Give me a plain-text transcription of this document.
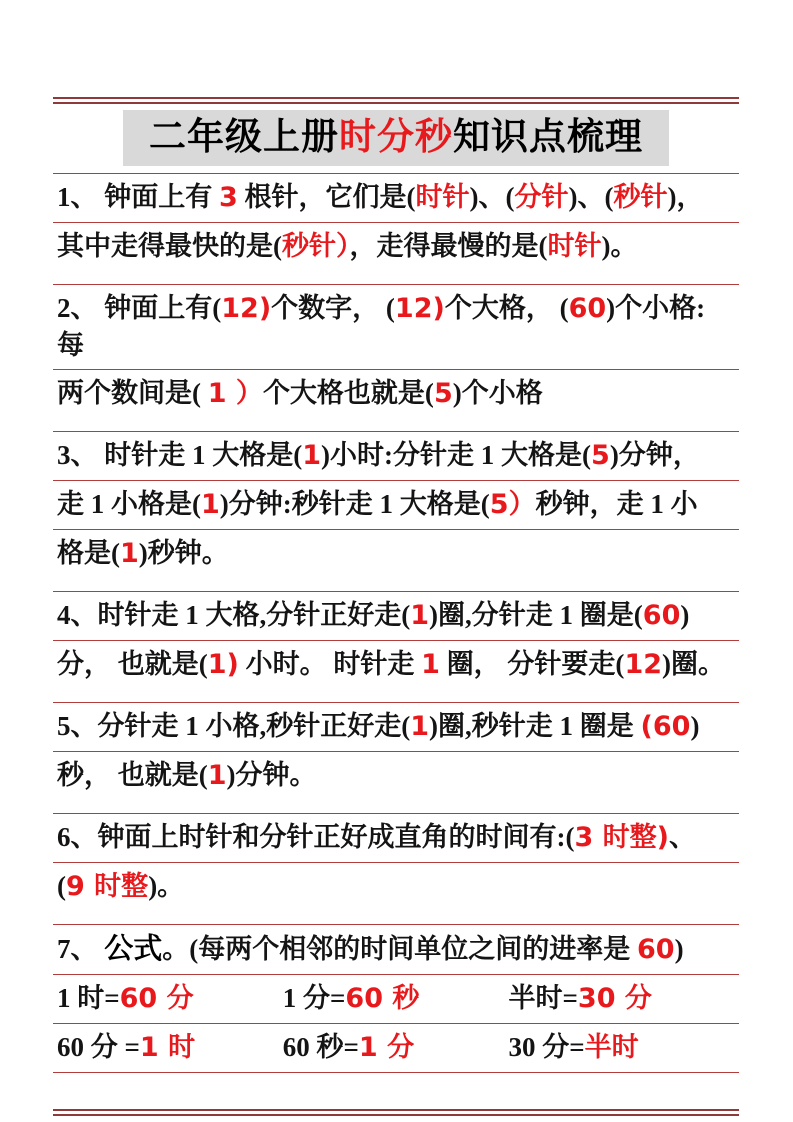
二年级上册时分秒知识点梳理
1、 钟面上有 3 根针，它们是(时针)、(分针)、(秒针)，
其中走得最快的是(秒针），走得最慢的是(时针)。
2、 钟面上有(12)个数字， (12)个大格， (60)个小格:
每
两个数间是( 1 ）个大格也就是(5)个小格
3、 时针走 1 大格是(1)小时:分针走 1 大格是(5)分钟，
走 1 小格是(1)分钟:秒针走 1 大格是(5）秒钟，走 1 小
格是(1)秒钟。
4、时针走 1 大格,分针正好走(1)圈,分针走 1 圈是(60)
分， 也就是(1) 小时。 时针走 1 圈， 分针要走(12)圈。
5、分针走 1 小格,秒针正好走(1)圈,秒针走 1 圈是 (60)
秒， 也就是(1)分钟。
6、钟面上时针和分针正好成直角的时间有:(3 时整)、
(9 时整)。
7、 公式。(每两个相邻的时间单位之间的进率是 60)
1 时=60 分	1 分=60 秒	半时=30 分
60 分 =1 时	60 秒=1 分	30 分=半时
